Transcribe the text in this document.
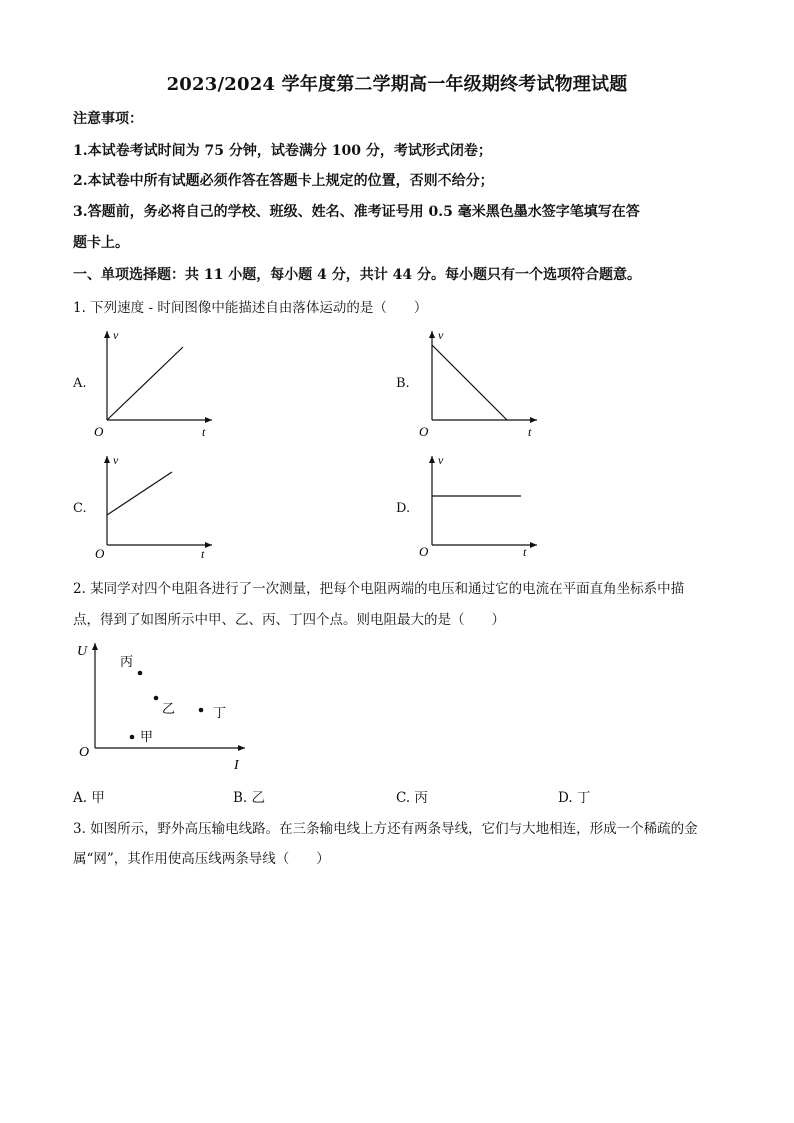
2023/2024 学年度第二学期高一年级期终考试物理试题
注意事项：
1.本试卷考试时间为 75 分钟，试卷满分 100 分，考试形式闭卷；
2.本试卷中所有试题必须作答在答题卡上规定的位置，否则不给分；
3.答题前，务必将自己的学校、班级、姓名、准考证号用 0.5 毫米黑色墨水签字笔填写在答
题卡上。
一、单项选择题：共 11 小题，每小题 4 分，共计 44 分。每小题只有一个选项符合题意。
1. 下列速度 - 时间图像中能描述自由落体运动的是（　　）
A.	B.
C.	D.
v
t
O
v
t
O
v
t
O
v
t
O
2. 某同学对四个电阻各进行了一次测量，把每个电阻两端的电压和通过它的电流在平面直角坐标系中描
点，得到了如图所示中甲、乙、丙、丁四个点。则电阻最大的是（　　）
U
I
O
丙
乙	丁
甲
A. 甲	B. 乙	C. 丙	D. 丁
3. 如图所示，野外高压输电线路。在三条输电线上方还有两条导线，它们与大地相连，形成一个稀疏的金
属“网”，其作用使高压线两条导线（　　）
